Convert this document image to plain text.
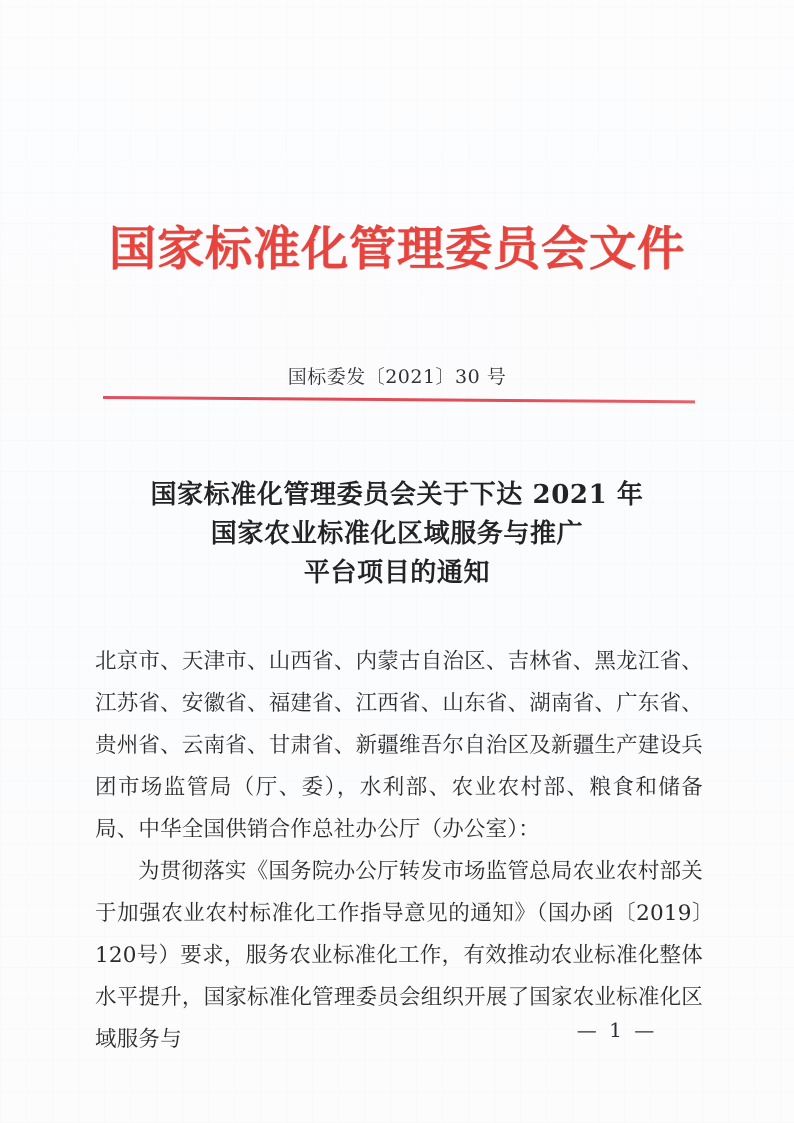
国家标准化管理委员会文件
国标委发〔2021〕30 号
国家标准化管理委员会关于下达 2021 年
国家农业标准化区域服务与推广
平台项目的通知

北京市、天津市、山西省、内蒙古自治区、吉林省、黑龙江省、江苏省、安徽省、福建省、江西省、山东省、湖南省、广东省、贵州省、云南省、甘肃省、新疆维吾尔自治区及新疆生产建设兵团市场监管局（厅、委），水利部、农业农村部、粮食和储备局、中华全国供销合作总社办公厅（办公室）：

为贯彻落实《国务院办公厅转发市场监管总局农业农村部关于加强农业农村标准化工作指导意见的通知》（国办函〔2019〕120号）要求，服务农业标准化工作，有效推动农业标准化整体水平提升，国家标准化管理委员会组织开展了国家农业标准化区域服务与	— 1 —
